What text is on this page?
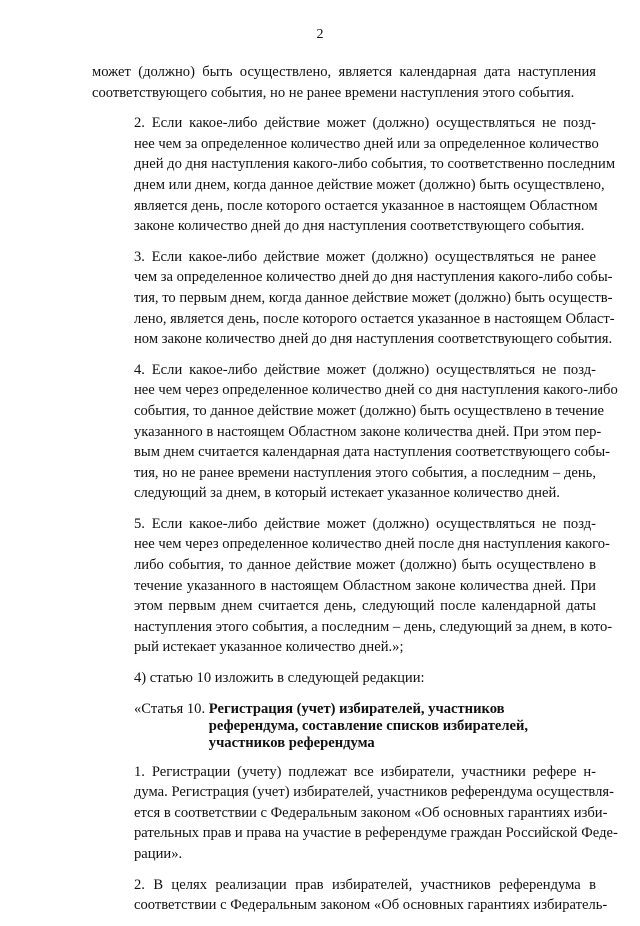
2
может (должно) быть осуществлено, является календарная дата наступления
соответствующего события, но не ранее времени наступления этого события.
2. Если какое-либо действие может (должно) осуществляться не позд-
нее чем за определенное количество дней или за определенное количество
дней до дня наступления какого-либо события, то соответственно последним
днем или днем, когда данное действие может (должно) быть осуществлено,
является день, после которого остается указанное в настоящем Областном
законе количество дней до дня наступления соответствующего события.
3. Если какое-либо действие может (должно) осуществляться не ранее
чем за определенное количество дней до дня наступления какого-либо собы-
тия, то первым днем, когда данное действие может (должно) быть осуществ-
лено, является день, после которого остается указанное в настоящем Област-
ном законе количество дней до дня наступления соответствующего события.
4. Если какое-либо действие может (должно) осуществляться не позд-
нее чем через определенное количество дней со дня наступления какого-либо
события, то данное действие может (должно) быть осуществлено в течение
указанного в настоящем Областном законе количества дней. При этом пер-
вым днем считается календарная дата наступления соответствующего собы-
тия, но не ранее времени наступления этого события, а последним – день,
следующий за днем, в который истекает указанное количество дней.
5. Если какое-либо действие может (должно) осуществляться не позд-
нее чем через определенное количество дней после дня наступления какого-
либо события, то данное действие может (должно) быть осуществлено в
течение указанного в настоящем Областном законе количества дней. При
этом первым днем считается день, следующий после календарной даты
наступления этого события, а последним – день, следующий за днем, в кото-
рый истекает указанное количество дней.»;
4) статью 10 изложить в следующей редакции:
«Статья 10. Регистрация (учет) избирателей, участников
референдума, составление списков избирателей,
участников референдума
1. Регистрации (учету) подлежат все избиратели, участники рефере н-
дума. Регистрация (учет) избирателей, участников референдума осуществля-
ется в соответствии с Федеральным законом «Об основных гарантиях изби-
рательных прав и права на участие в референдуме граждан Российской Феде-
рации».
2. В целях реализации прав избирателей, участников референдума в
соответствии с Федеральным законом «Об основных гарантиях избиратель-
